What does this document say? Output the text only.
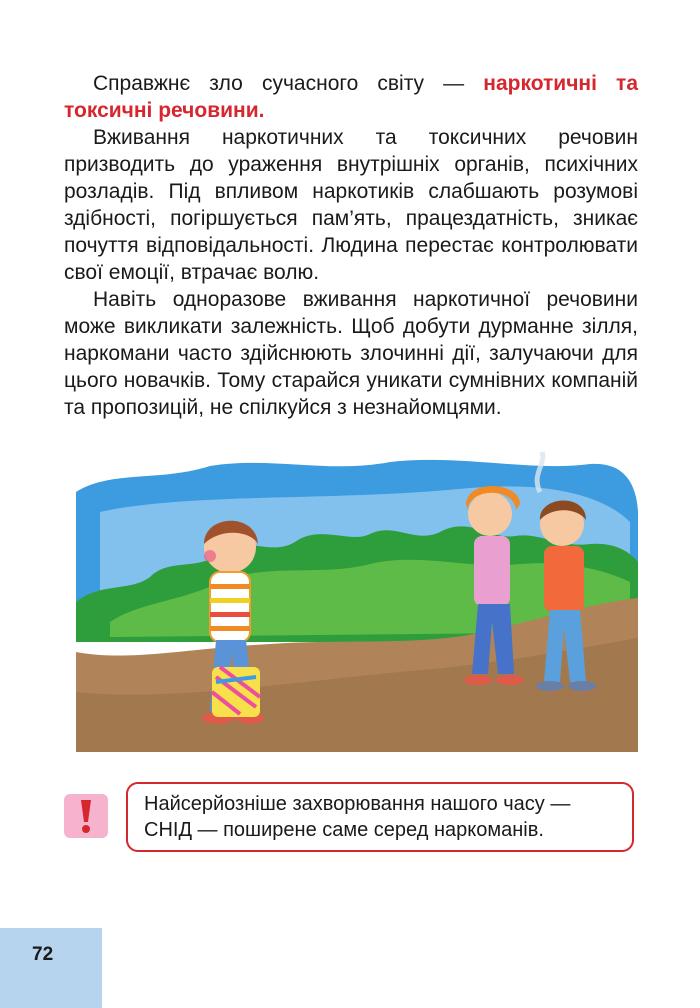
Справжнє зло сучасного світу — наркотичні та токсичні речовини.

Вживання наркотичних та токсичних речовин призводить до ураження внутрішніх органів, психічних розладів. Під впливом наркотиків слабшають розумові здібності, погіршується пам’ять, працездатність, зникає почуття відповідальності. Людина перестає контролювати свої емоції, втрачає волю.

Навіть одноразове вживання наркотичної речовини може викликати залежність. Щоб добути дурманне зілля, наркомани часто здійснюють злочинні дії, залучаючи для цього новачків. Тому старайся уникати сумнівних компаній та пропозицій, не спілкуйся з незнайомцями.

Найсерйозніше захворювання нашого часу —
СНІД — поширене саме серед наркоманів.
72
